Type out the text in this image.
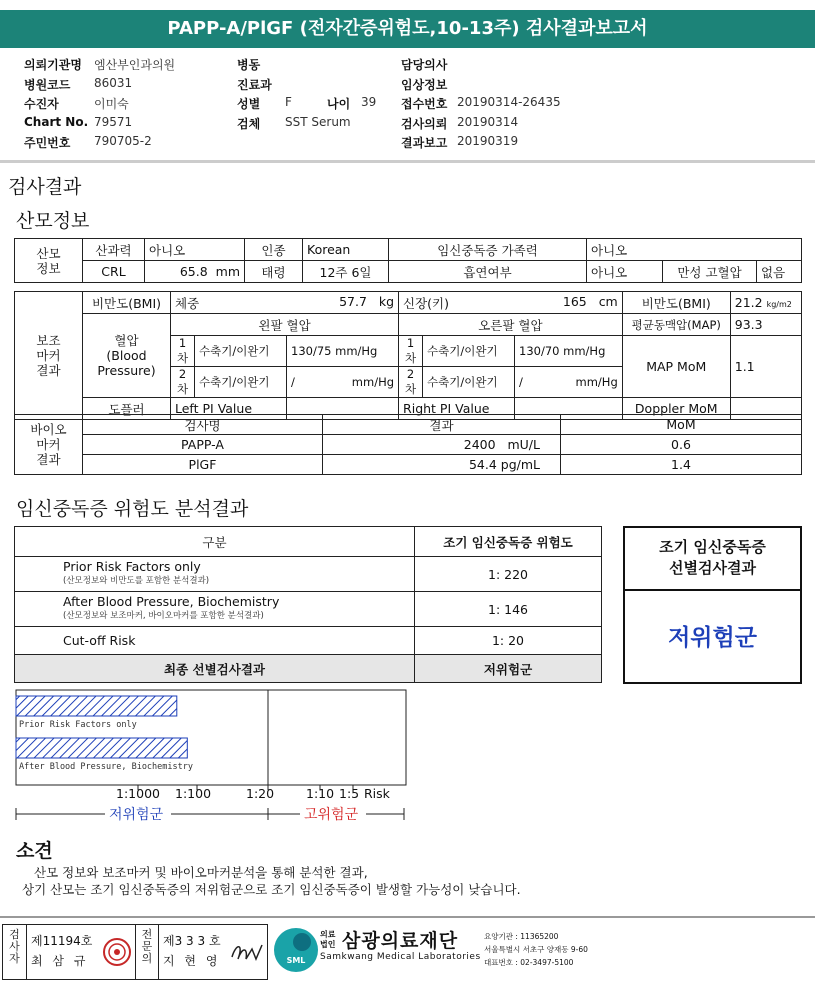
PAPP-A/PlGF (전자간증위험도,10-13주) 검사결과보고서
의뢰기관명	엠산부인과의원
병원코드	86031
수진자	이미숙
Chart No. 79571
주민번호	790705-2
병동
진료과
성별	F	나이 39
검체	SST Serum
담당의사
임상정보
접수번호 20190314-26435
검사의뢰 20190314
결과보고 20190319
검사결과
산모정보
산모
정보	산과력	아니오	인종	Korean	임신중독증 가족력	아니오		
	CRL	65.8 mm	태령	12주 6일	흡연여부	아니오	만성 고혈압	없음
보조
마커
결과	비만도(BMI)	체중 57.7 kg			신장(키) 165 cm			비만도(BMI)	21.2 kg/m2
	혈압
(Blood
Pressure)	왼팔 혈압			오른팔 혈압			평균동맥압(MAP)	93.3
		1차	수축기/이완기	130/75 mm/Hg	1차	수축기/이완기	130/70 mm/Hg	MAP MoM	1.1
		2차	수축기/이완기	/ mm/Hg	2차	수축기/이완기	/ mm/Hg		

	도플러	Left PI Value			Right PI Value			Doppler MoM	
바이오
마커
결과	검사명	결과	MoM
	PAPP-A	2400 mU/L	0.6
	PlGF	54.4 pg/mL	1.4
임신중독증 위험도 분석결과
구분	조기 임신중독증 위험도

Prior Risk Factors only
(산모정보와 비만도를 포함한 분석결과)	1: 220

After Blood Pressure, Biochemistry
(산모정보와 보조마커, 바이오마커를 포함한 분석결과)	1: 146
Cut-off Risk	1: 20
최종 선별검사결과	저위험군
조기 임신중독증
선별검사결과
저위험군
Prior Risk Factors only
After Blood Pressure, Biochemistry
1:1000 1:100	1:20	1:10 1:5 Risk
저위험군	고위험군
소견
산모 정보와 보조마커 및 바이오마커분석을 통해 분석한 결과,
상기 산모는 조기 임신중독증의 저위험군으로 조기 임신중독증이 발생할 가능성이 낮습니다.
검사자
제11194호
최 삼 규
전문의
제3 3 3 호
지 현 영	SML
의료
법인 삼광의료재단
Samkwang Medical Laboratories
요양기관 : 11365200
서울특별시 서초구 양재동 9-60
대표번호 : 02-3497-5100
